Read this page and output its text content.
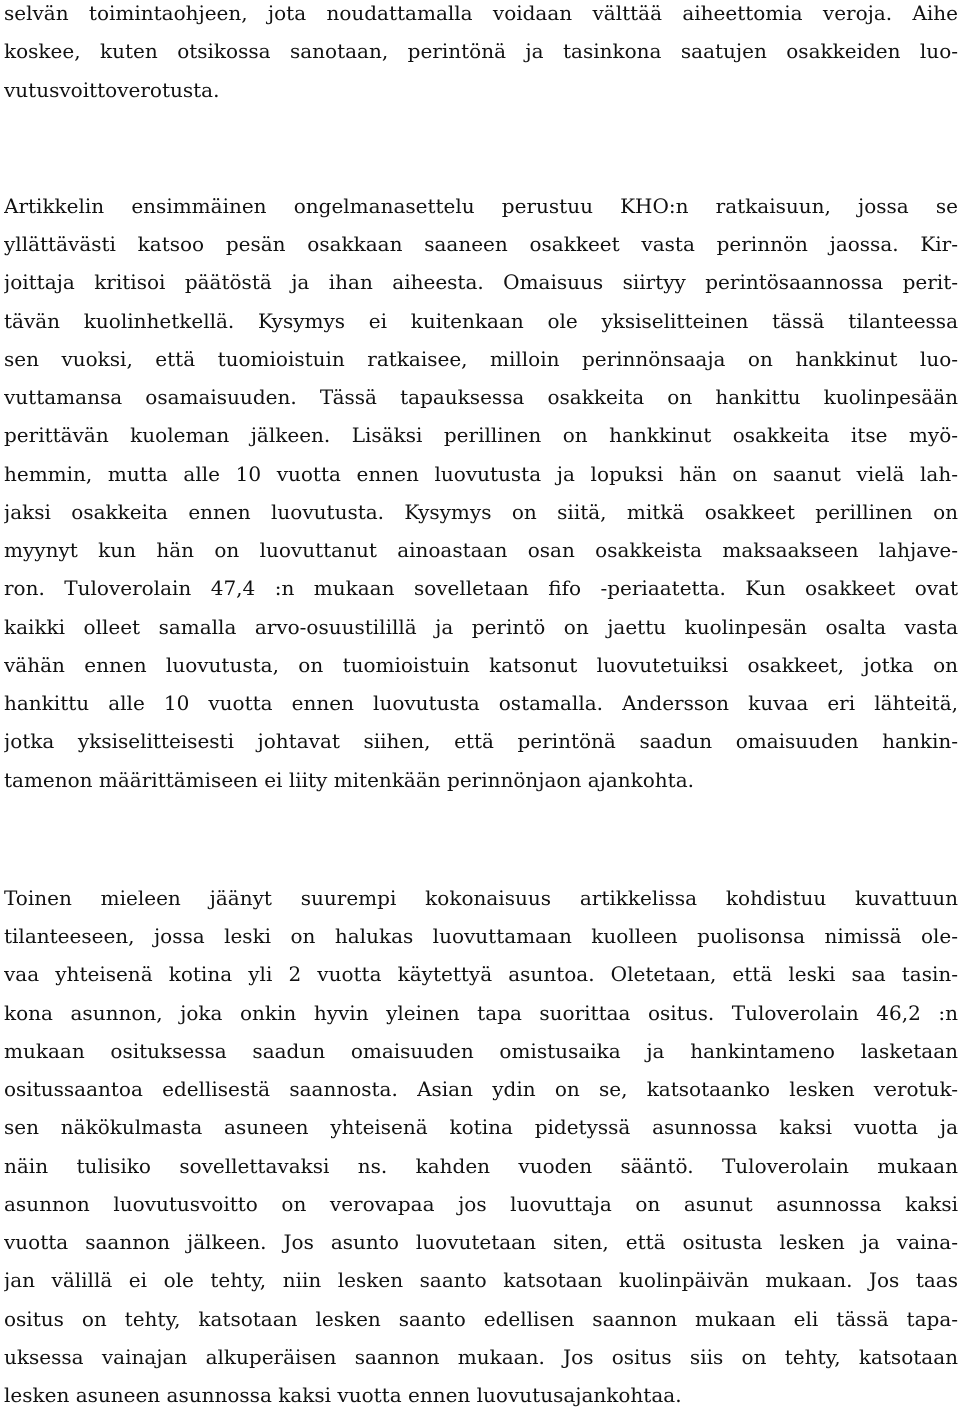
selvän toimintaohjeen, jota noudattamalla voidaan välttää aiheettomia veroja. Aihe
koskee, kuten otsikossa sanotaan, perintönä ja tasinkona saatujen osakkeiden luo-
vutusvoittoverotusta.

Artikkelin ensimmäinen ongelmanasettelu perustuu KHO:n ratkaisuun, jossa se
yllättävästi katsoo pesän osakkaan saaneen osakkeet vasta perinnön jaossa. Kir-
joittaja kritisoi päätöstä ja ihan aiheesta. Omaisuus siirtyy perintösaannossa perit-
tävän kuolinhetkellä. Kysymys ei kuitenkaan ole yksiselitteinen tässä tilanteessa
sen vuoksi, että tuomioistuin ratkaisee, milloin perinnönsaaja on hankkinut luo-
vuttamansa osamaisuuden. Tässä tapauksessa osakkeita on hankittu kuolinpesään
perittävän kuoleman jälkeen. Lisäksi perillinen on hankkinut osakkeita itse myö-
hemmin, mutta alle 10 vuotta ennen luovutusta ja lopuksi hän on saanut vielä lah-
jaksi osakkeita ennen luovutusta. Kysymys on siitä, mitkä osakkeet perillinen on
myynyt kun hän on luovuttanut ainoastaan osan osakkeista maksaakseen lahjave-
ron. Tuloverolain 47,4 :n mukaan sovelletaan fifo -periaatetta. Kun osakkeet ovat
kaikki olleet samalla arvo-osuustilillä ja perintö on jaettu kuolinpesän osalta vasta
vähän ennen luovutusta, on tuomioistuin katsonut luovutetuiksi osakkeet, jotka on
hankittu alle 10 vuotta ennen luovutusta ostamalla. Andersson kuvaa eri lähteitä,
jotka yksiselitteisesti johtavat siihen, että perintönä saadun omaisuuden hankin-
tamenon määrittämiseen ei liity mitenkään perinnönjaon ajankohta.

Toinen mieleen jäänyt suurempi kokonaisuus artikkelissa kohdistuu kuvattuun
tilanteeseen, jossa leski on halukas luovuttamaan kuolleen puolisonsa nimissä ole-
vaa yhteisenä kotina yli 2 vuotta käytettyä asuntoa. Oletetaan, että leski saa tasin-
kona asunnon, joka onkin hyvin yleinen tapa suorittaa ositus. Tuloverolain 46,2 :n
mukaan osituksessa saadun omaisuuden omistusaika ja hankintameno lasketaan
ositussaantoa edellisestä saannosta. Asian ydin on se, katsotaanko lesken verotuk-
sen näkökulmasta asuneen yhteisenä kotina pidetyssä asunnossa kaksi vuotta ja
näin tulisiko sovellettavaksi ns. kahden vuoden sääntö. Tuloverolain mukaan
asunnon luovutusvoitto on verovapaa jos luovuttaja on asunut asunnossa kaksi
vuotta saannon jälkeen. Jos asunto luovutetaan siten, että ositusta lesken ja vaina-
jan välillä ei ole tehty, niin lesken saanto katsotaan kuolinpäivän mukaan. Jos taas
ositus on tehty, katsotaan lesken saanto edellisen saannon mukaan eli tässä tapa-
uksessa vainajan alkuperäisen saannon mukaan. Jos ositus siis on tehty, katsotaan
lesken asuneen asunnossa kaksi vuotta ennen luovutusajankohtaa.
